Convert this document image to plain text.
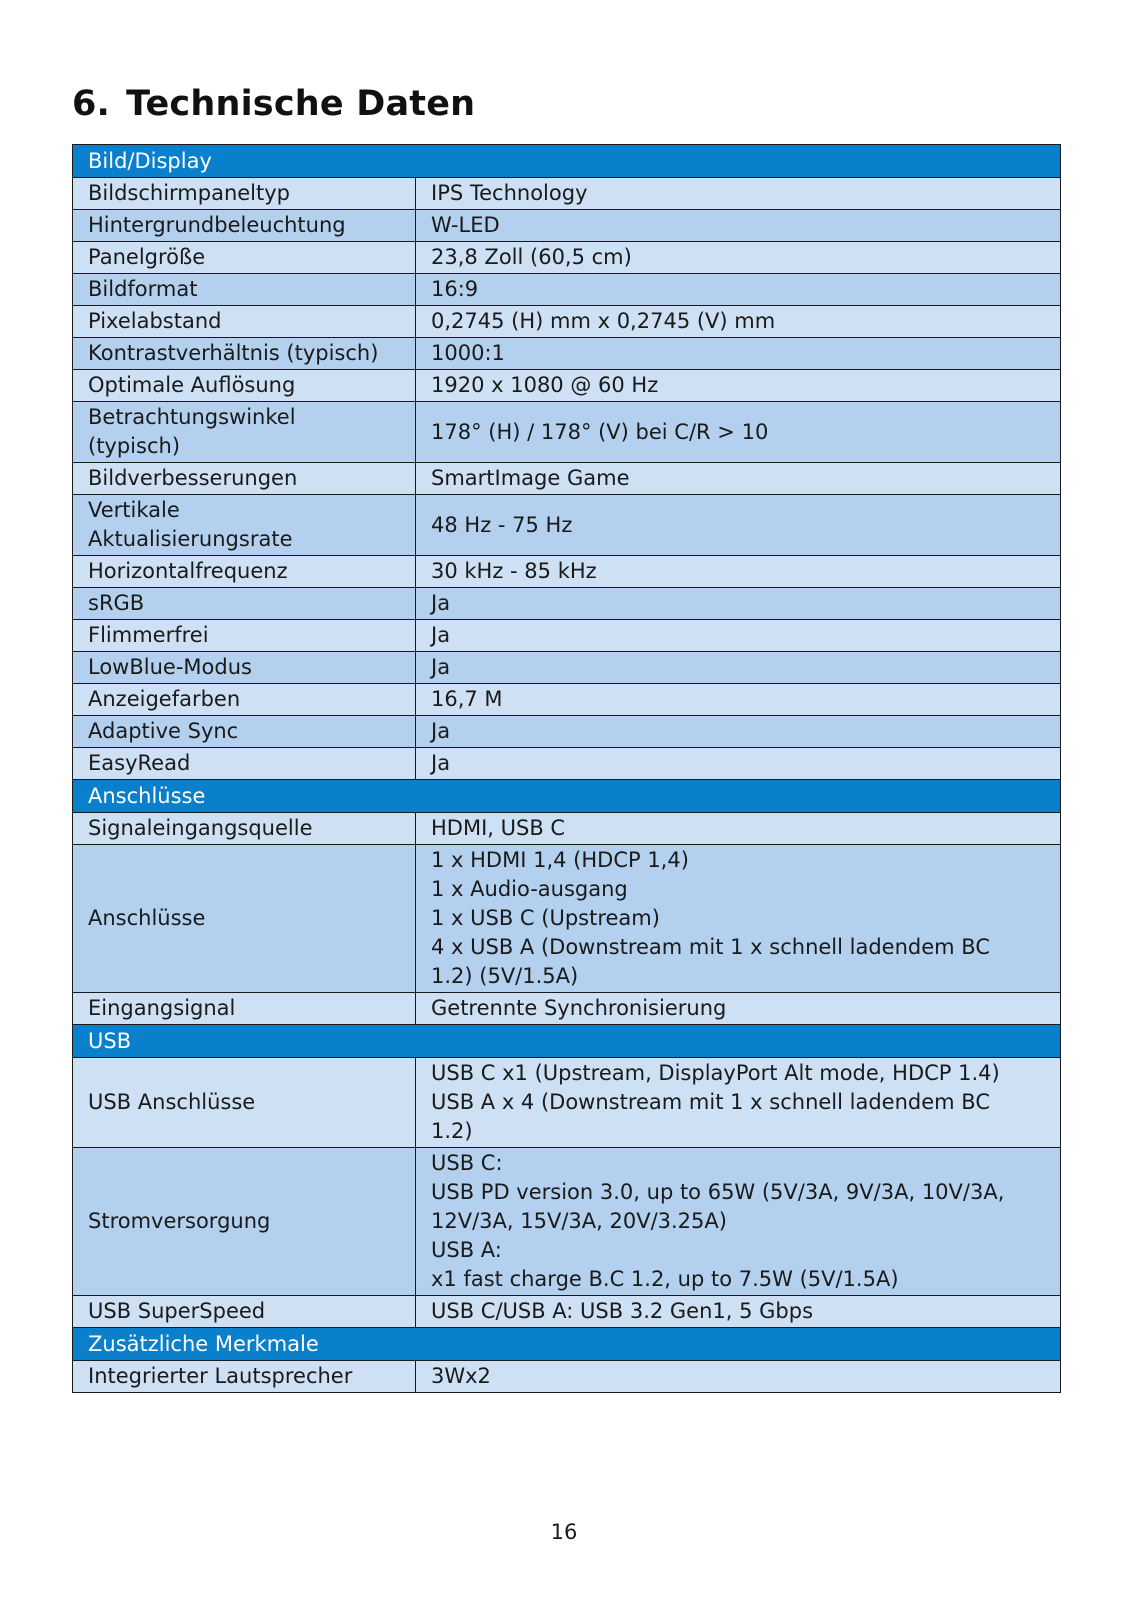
6. Technische Daten
Bild/Display	
Bildschirmpaneltyp	IPS Technology
Hintergrundbeleuchtung	W-LED
Panelgröße	23,8 Zoll (60,5 cm)
Bildformat	16:9
Pixelabstand	0,2745 (H) mm x 0,2745 (V) mm
Kontrastverhältnis (typisch)	1000:1
Optimale Auflösung	1920 x 1080 @ 60 Hz
Betrachtungswinkel
(typisch)	178° (H) / 178° (V) bei C/R > 10
Bildverbesserungen	SmartImage Game
Vertikale
Aktualisierungsrate	48 Hz - 75 Hz
Horizontalfrequenz	30 kHz - 85 kHz
sRGB	Ja
Flimmerfrei	Ja
LowBlue-Modus	Ja
Anzeigefarben	16,7 M
Adaptive Sync	Ja
EasyRead	Ja
Anschlüsse	
Signaleingangsquelle	HDMI, USB C
Anschlüsse	1 x HDMI 1,4 (HDCP 1,4)
1 x Audio-ausgang
1 x USB C (Upstream)
4 x USB A (Downstream mit 1 x schnell ladendem BC
1.2) (5V/1.5A)
Eingangsignal	Getrennte Synchronisierung
USB	
USB Anschlüsse	USB C x1 (Upstream, DisplayPort Alt mode, HDCP 1.4)
USB A x 4 (Downstream mit 1 x schnell ladendem BC
1.2)
Stromversorgung	USB C:
USB PD version 3.0, up to 65W (5V/3A, 9V/3A, 10V/3A,
12V/3A, 15V/3A, 20V/3.25A)
USB A:
x1 fast charge B.C 1.2, up to 7.5W (5V/1.5A)
USB SuperSpeed	USB C/USB A: USB 3.2 Gen1, 5 Gbps
Zusätzliche Merkmale	
Integrierter Lautsprecher	3Wx2
16
